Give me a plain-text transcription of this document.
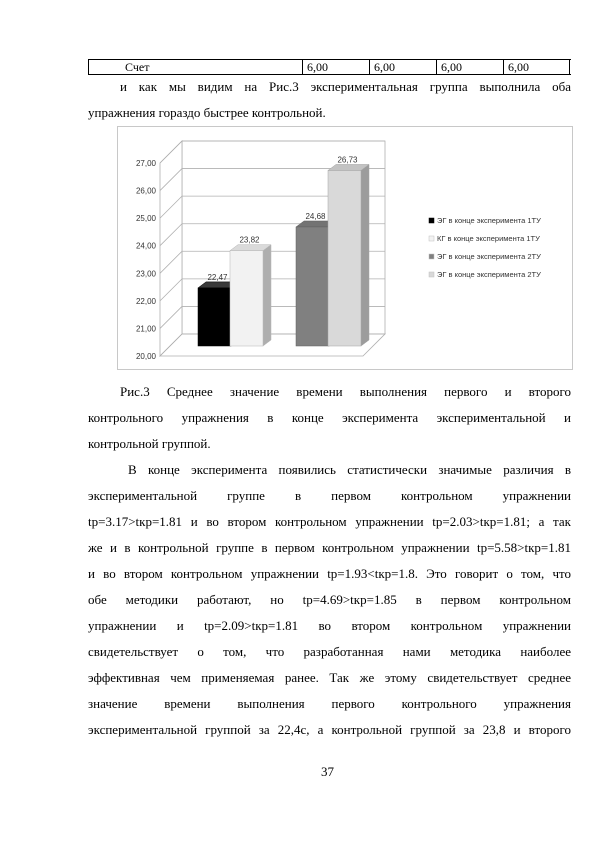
Счет	6,00	6,00	6,00	6,00
и как мы видим на Рис.3 экспериментальная группа выполнила оба
упражнения гораздо быстрее контрольной.
20,00
21,00
22,00
23,00
24,00
25,00
26,00
27,00
22,47
23,82
24,68
26,73
ЭГ в конце эксперимента 1ТУ
КГ в конце эксперимента 1ТУ
ЭГ в конце эксперимента 2ТУ
ЭГ в конце эксперимента 2ТУ
Рис.3 Среднее значение времени выполнения первого и второго
контрольного упражнения в конце эксперимента экспериментальной и
контрольной группой.
В конце эксперимента появились статистически значимые различия в
экспериментальной группе в первом контрольном упражнении
tр=3.17>tкр=1.81 и во втором контрольном упражнении tр=2.03>tкр=1.81; а так
же и в контрольной группе в первом контрольном упражнении tр=5.58>tкр=1.81
и во втором контрольном упражнении tр=1.93<tкр=1.8. Это говорит о том, что
обе методики работают, но tр=4.69>tкр=1.85 в первом контрольном
упражнении и tр=2.09>tкр=1.81 во втором контрольном упражнении
свидетельствует о том, что разработанная нами методика наиболее
эффективная чем применяемая ранее. Так же этому свидетельствует среднее
значение времени выполнения первого контрольного упражнения
экспериментальной группой за 22,4с, а контрольной группой за 23,8 и второго
37
